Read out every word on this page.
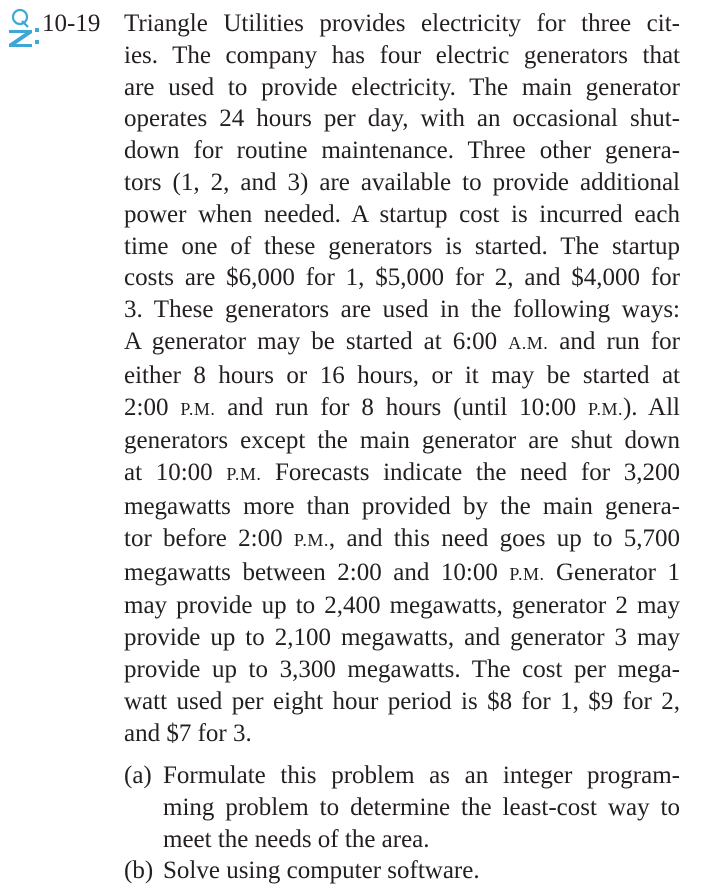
10-19 Triangle Utilities provides electricity for three cit-
ies. The company has four electric generators that
are used to provide electricity. The main generator
operates 24 hours per day, with an occasional shut-
down for routine maintenance. Three other genera-
tors (1, 2, and 3) are available to provide additional
power when needed. A startup cost is incurred each
time one of these generators is started. The startup
costs are $6,000 for 1, $5,000 for 2, and $4,000 for
3. These generators are used in the following ways:
A generator may be started at 6:00 A.M. and run for
either 8 hours or 16 hours, or it may be started at
2:00 P.M. and run for 8 hours (until 10:00 P.M.). All
generators except the main generator are shut down
at 10:00 P.M. Forecasts indicate the need for 3,200
megawatts more than provided by the main genera-
tor before 2:00 P.M., and this need goes up to 5,700
megawatts between 2:00 and 10:00 P.M. Generator 1
may provide up to 2,400 megawatts, generator 2 may
provide up to 2,100 megawatts, and generator 3 may
provide up to 3,300 megawatts. The cost per mega-
watt used per eight hour period is $8 for 1, $9 for 2,
and $7 for 3.
(a) Formulate this problem as an integer program-
ming problem to determine the least-cost way to
meet the needs of the area.
(b) Solve using computer software.
